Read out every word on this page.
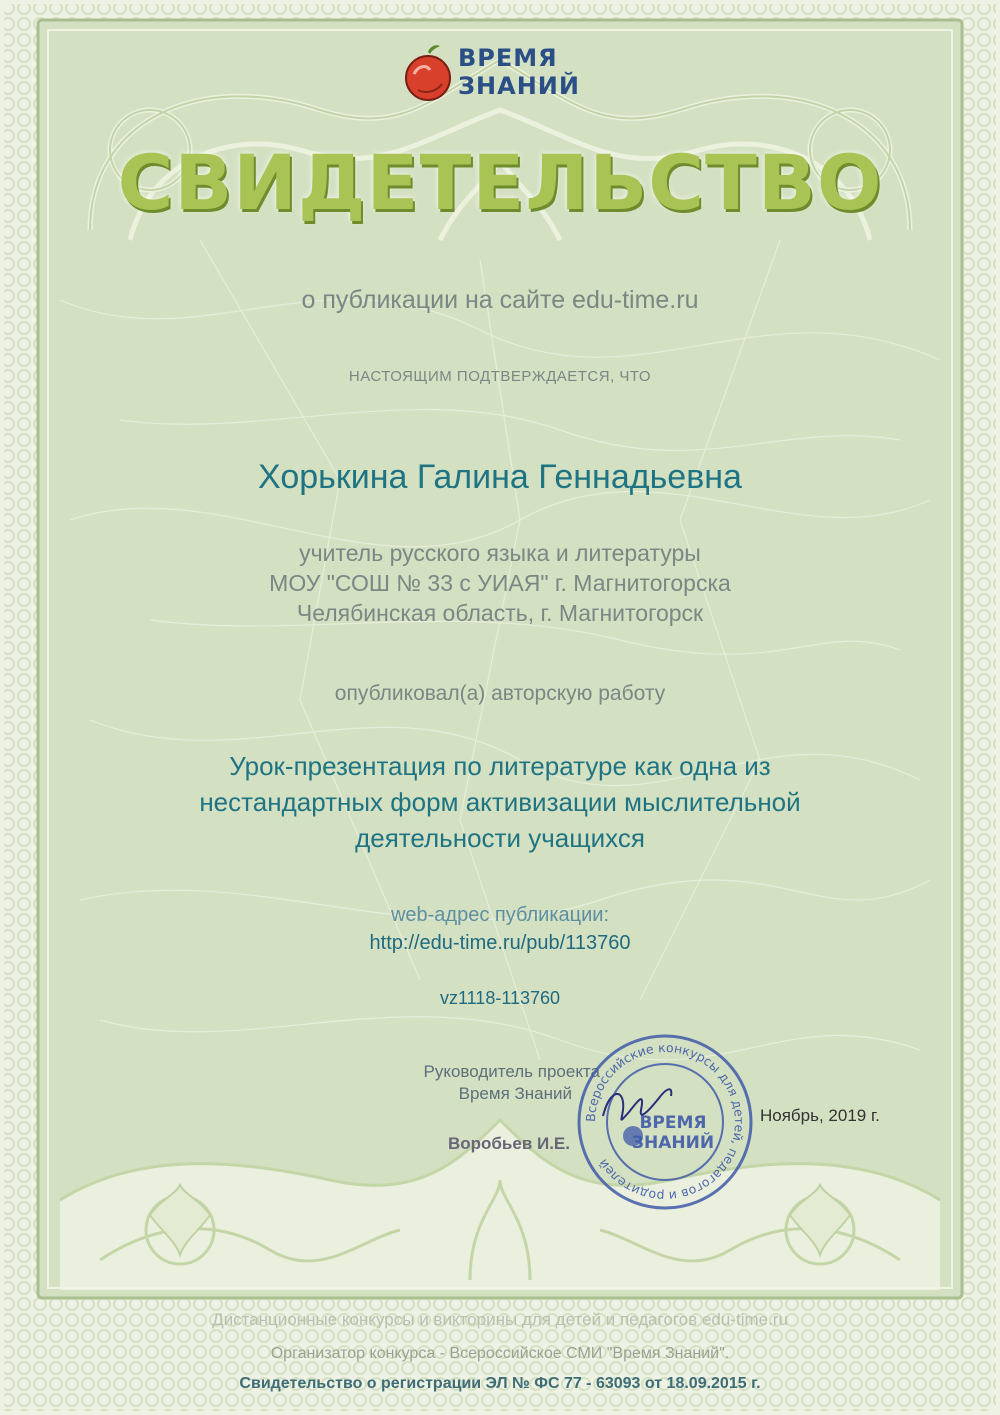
ВРЕМЯ
ЗНАНИЙ
СВИДЕТЕЛЬСТВО
о публикации на сайте edu-time.ru
НАСТОЯЩИМ ПОДТВЕРЖДАЕТСЯ, ЧТО
Хорькина Галина Геннадьевна
учитель русского языка и литературы
МОУ "СОШ № 33 с УИАЯ" г. Магнитогорска
Челябинская область, г. Магнитогорск
опубликовал(а) авторскую работу
Урок-презентация по литературе как одна из
нестандартных форм активизации мыслительной
деятельности учащихся
web-адрес публикации:
http://edu-time.ru/pub/113760
vz1118-113760
Руководитель проекта
Время Знаний
Воробьев И.Е.
Ноябрь, 2019 г.
Всероссийские конкурсы для детей, педагогов и родителей
ВРЕМЯ
ЗНАНИЙ
Дистанционные конкурсы и викторины для детей и педагогов edu-time.ru
Организатор конкурса - Всероссийское СМИ "Время Знаний".
Свидетельство о регистрации ЭЛ № ФС 77 - 63093 от 18.09.2015 г.
